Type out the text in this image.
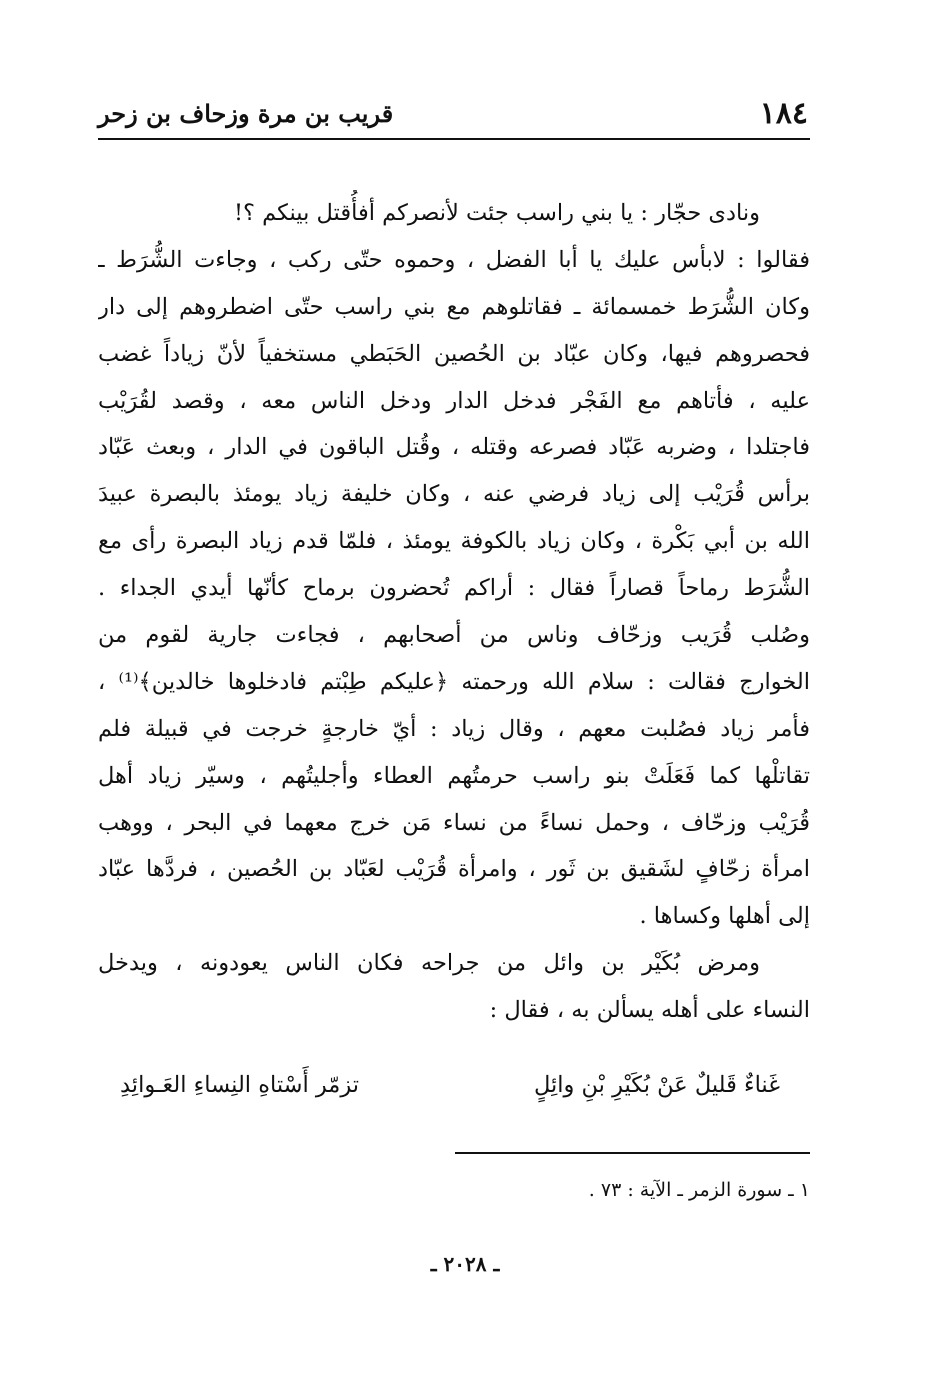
١٨٤
قريب بن مرة وزحاف بن زحر
ونادى حجّار : يا بني راسب جئت لأنصركم أفأُقتل بينكم ؟!
فقالوا : لابأس عليك يا أبا الفضل ، وحموه حتّى ركب ، وجاءت الشُّرَط ـ
وكان الشُّرَط خمسمائة ـ فقاتلوهم مع بني راسب حتّى اضطروهم إلى دار
فحصروهم فيها، وكان عبّاد بن الحُصين الحَبَطي مستخفياً لأنّ زياداً غضب
عليه ، فأتاهم مع الفَجْر فدخل الدار ودخل الناس معه ، وقصد لقُرَيْب
فاجتلدا ، وضربه عَبّاد فصرعه وقتله ، وقُتل الباقون في الدار ، وبعث عَبّاد
برأس قُرَيْب إلى زياد فرضي عنه ، وكان خليفة زياد يومئذ بالبصرة عبيدَ
الله بن أبي بَكْرة ، وكان زياد بالكوفة يومئذ ، فلمّا قدم زياد البصرة رأى مع
الشُّرَط رماحاً قصاراً فقال : أراكم تُحضرون برماح كأنّها أيدي الجداء .
وصُلب قُرَيب وزحّاف وناس من أصحابهم ، فجاءت جارية لقوم من
الخوارج فقالت : سلام الله ورحمته ﴿عليكم طِبْتم فادخلوها خالدين﴾⁽¹⁾ ،
فأمر زياد فصُلبت معهم ، وقال زياد : أيّ خارجةٍ خرجت في قبيلة فلم
تقاتلْها كما فَعَلَتْ بنو راسب حرمتُهم العطاء وأجليتُهم ، وسيّر زياد أهل
قُرَيْب وزحّاف ، وحمل نساءً من نساء مَن خرج معهما في البحر ، ووهب
امرأة زحّافٍ لشَقيق بن ثَور ، وامرأة قُرَيْب لعَبّاد بن الحُصين ، فردَّها عبّاد
إلى أهلها وكساها .
ومرض بُكَيْر بن وائل من جراحه فكان الناس يعودونه ، ويدخل
النساء على أهله يسألن به ، فقال :
غَناءٌ قَليلٌ عَنْ بُكَيْرِ بْنِ وائِلٍ
تزمّر أَسْتاهِ النِساءِ العَـوائِدِ
١ ـ سورة الزمر ـ الآية : ٧٣ .
ـ ٢٠٢٨ ـ
